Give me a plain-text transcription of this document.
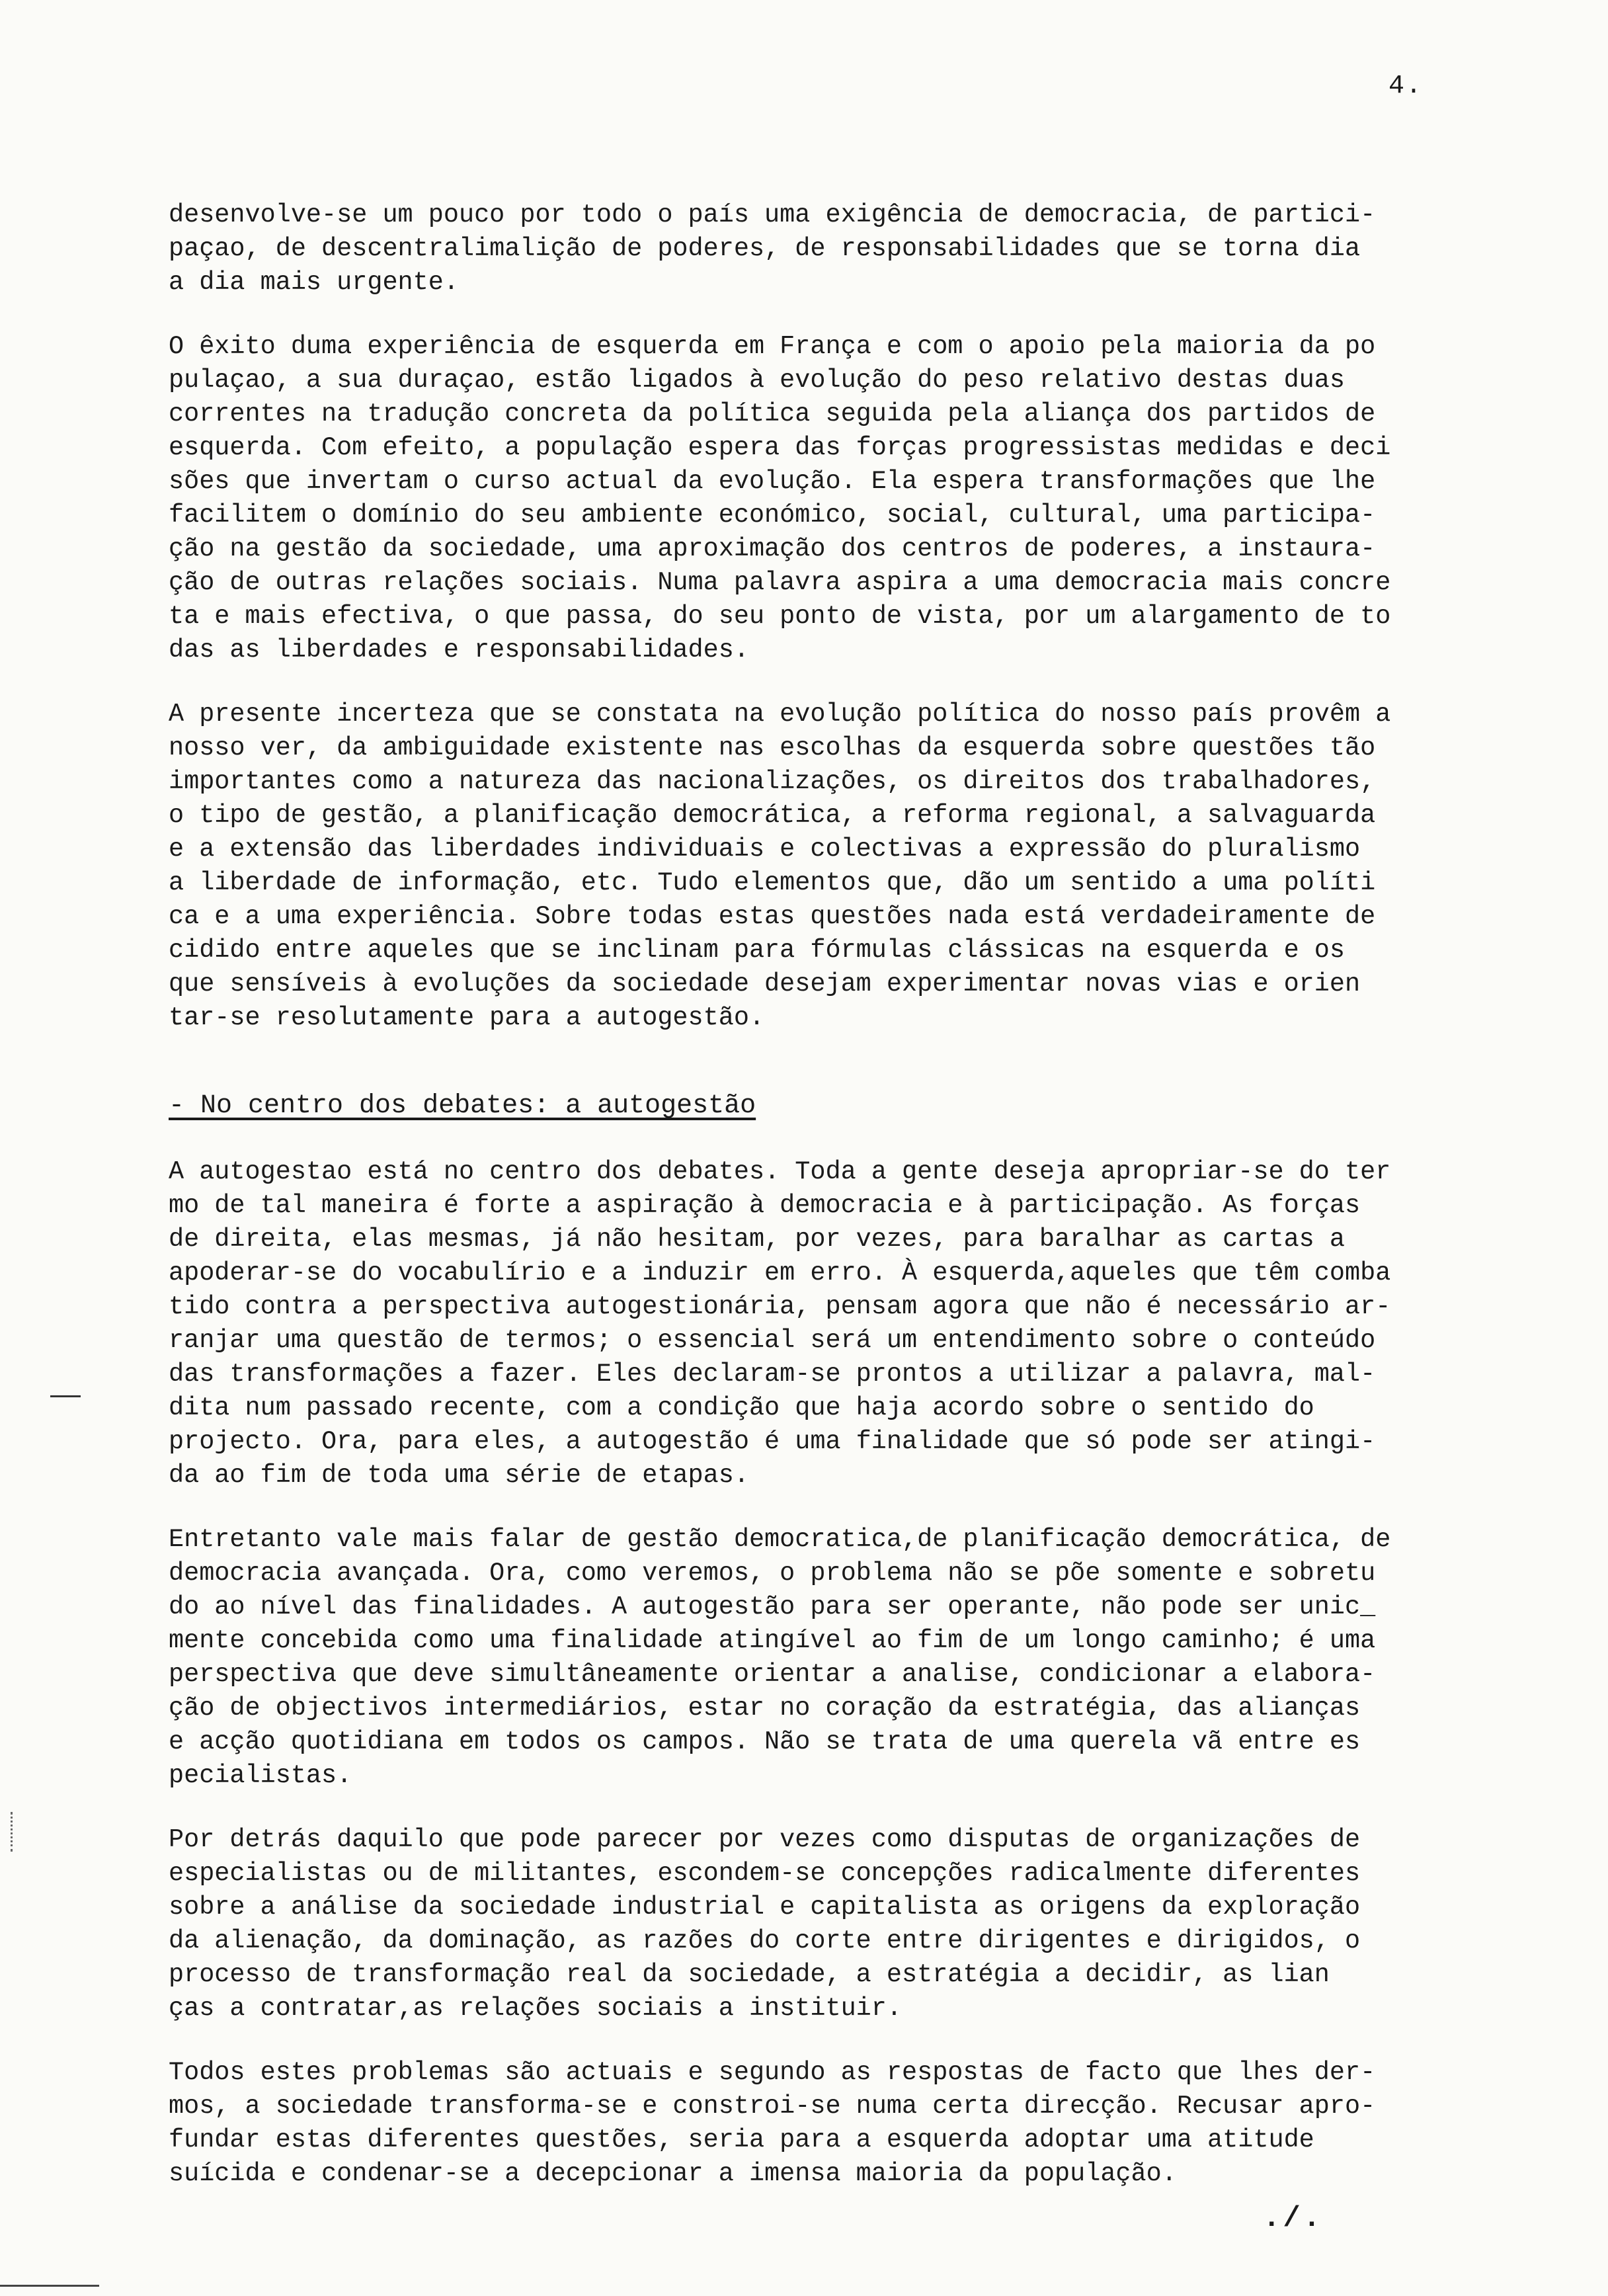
4.
desenvolve-se um pouco por todo o país uma exigência de democracia, de partici-
paçao, de descentralimalição de poderes, de responsabilidades que se torna dia
a dia mais urgente.
O êxito duma experiência de esquerda em França e com o apoio pela maioria da po
pulaçao, a sua duraçao, estão ligados à evolução do peso relativo destas duas
correntes na tradução concreta da política seguida pela aliança dos partidos de
esquerda. Com efeito, a população espera das forças progressistas medidas e deci
sões que invertam o curso actual da evolução. Ela espera transformações que lhe
facilitem o domínio do seu ambiente económico, social, cultural, uma participa-
ção na gestão da sociedade, uma aproximação dos centros de poderes, a instaura-
ção de outras relações sociais. Numa palavra aspira a uma democracia mais concre
ta e mais efectiva, o que passa, do seu ponto de vista, por um alargamento de to
das as liberdades e responsabilidades.
A presente incerteza que se constata na evolução política do nosso país provêm a
nosso ver, da ambiguidade existente nas escolhas da esquerda sobre questões tão
importantes como a natureza das nacionalizações, os direitos dos trabalhadores,
o tipo de gestão, a planificação democrática, a reforma regional, a salvaguarda
e a extensão das liberdades individuais e colectivas a expressão do pluralismo
a liberdade de informação, etc. Tudo elementos que, dão um sentido a uma políti
ca e a uma experiência. Sobre todas estas questões nada está verdadeiramente de
cidido entre aqueles que se inclinam para fórmulas clássicas na esquerda e os
que sensíveis à evoluções da sociedade desejam experimentar novas vias e orien
tar-se resolutamente para a autogestão.
- No centro dos debates: a autogestão
A autogestao está no centro dos debates. Toda a gente deseja apropriar-se do ter
mo de tal maneira é forte a aspiração à democracia e à participação. As forças
de direita, elas mesmas, já não hesitam, por vezes, para baralhar as cartas a
apoderar-se do vocabulírio e a induzir em erro. À esquerda,aqueles que têm comba
tido contra a perspectiva autogestionária, pensam agora que não é necessário ar-
ranjar uma questão de termos; o essencial será um entendimento sobre o conteúdo
das transformações a fazer. Eles declaram-se prontos a utilizar a palavra, mal-
dita num passado recente, com a condição que haja acordo sobre o sentido do
projecto. Ora, para eles, a autogestão é uma finalidade que só pode ser atingi-
da ao fim de toda uma série de etapas.
Entretanto vale mais falar de gestão democratica,de planificação democrática, de
democracia avançada. Ora, como veremos, o problema não se põe somente e sobretu
do ao nível das finalidades. A autogestão para ser operante, não pode ser unic_
mente concebida como uma finalidade atingível ao fim de um longo caminho; é uma
perspectiva que deve simultâneamente orientar a analise, condicionar a elabora-
ção de objectivos intermediários, estar no coração da estratégia, das alianças
e acção quotidiana em todos os campos. Não se trata de uma querela vã entre es
pecialistas.
Por detrás daquilo que pode parecer por vezes como disputas de organizações de
especialistas ou de militantes, escondem-se concepções radicalmente diferentes
sobre a análise da sociedade industrial e capitalista as origens da exploração
da alienação, da dominação, as razões do corte entre dirigentes e dirigidos, o
processo de transformação real da sociedade, a estratégia a decidir, as lian
ças a contratar,as relações sociais a instituir.
Todos estes problemas são actuais e segundo as respostas de facto que lhes der-
mos, a sociedade transforma-se e constroi-se numa certa direcção. Recusar apro-
fundar estas diferentes questões, seria para a esquerda adoptar uma atitude
suícida e condenar-se a decepcionar a imensa maioria da população.
./.
